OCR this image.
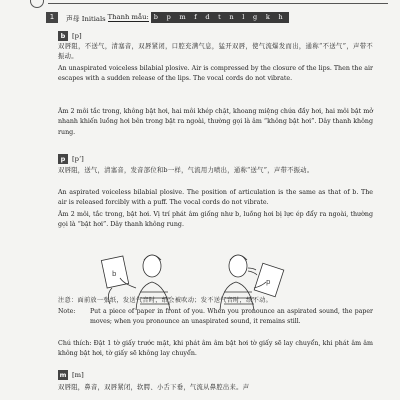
1	声母 Initials Thanh mẫu: b p m f d t n l g k h
b [p]

双唇阻，不送气，清塞音，双唇紧闭，口腔充满气息，猛开双唇，使气流爆发而出，通称“不送气”，声带不振动。

An unaspirated voiceless bilabial plosive. Air is compressed by the closure of the lips. Then the air escapes with a sudden release of the lips. The vocal cords do not vibrate.

Âm 2 môi tắc trong, không bật hơi, hai môi khép chặt, khoang miệng chứa đầy hơi, hai môi bật mở nhanh khiến luồng hơi bên trong bật ra ngoài, thường gọi là âm “không bật hơi”. Dây thanh không rung.

p [pʻ]

双唇阻，送气，清塞音，发音部位和b一样，气流用力喷出，通称“送气”，声带不振动。

An aspirated voiceless bilabial plosive. The position of articulation is the same as that of b. The air is released forcibly with a puff. The vocal cords do not vibrate.

Âm 2 môi, tắc trong, bật hơi. Vị trí phát âm giống như b, luồng hơi bị lực ép đẩy ra ngoài, thường gọi là “bật hơi”. Dây thanh không rung.

b
p

注意：面前放一张纸，发送气音时，纸会被吹动；发不送气音时，纸不动。

Note: Put a piece of paper in front of you. When you pronounce an aspirated sound, the paper moves; when you pronounce an unaspirated sound, it remains still.

Chú thích: Đặt 1 tờ giấy trước mặt, khi phát âm âm bật hơi tờ giấy sẽ lay chuyển, khi phát âm âm không bật hơi, tờ giấy sẽ không lay chuyển.

m [m]

双唇阻，鼻音，双唇紧闭，软腭、小舌下垂，气流从鼻腔出来。声
